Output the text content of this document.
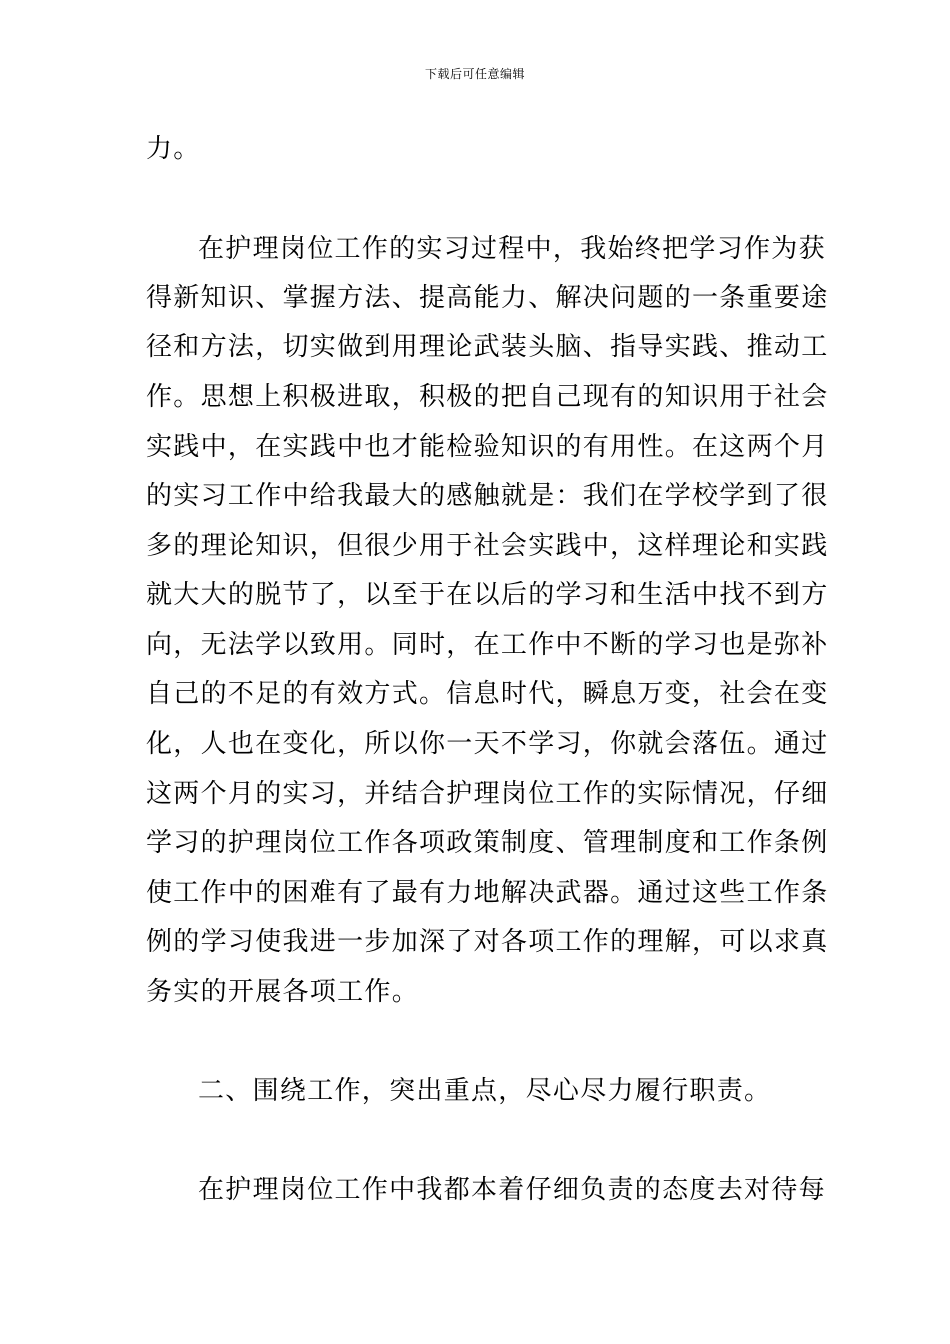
下载后可任意编辑
力。
在护理岗位工作的实习过程中，我始终把学习作为获
得新知识、掌握方法、提高能力、解决问题的一条重要途
径和方法，切实做到用理论武装头脑、指导实践、推动工
作。思想上积极进取，积极的把自己现有的知识用于社会
实践中，在实践中也才能检验知识的有用性。在这两个月
的实习工作中给我最大的感触就是：我们在学校学到了很
多的理论知识，但很少用于社会实践中，这样理论和实践
就大大的脱节了，以至于在以后的学习和生活中找不到方
向，无法学以致用。同时，在工作中不断的学习也是弥补
自己的不足的有效方式。信息时代，瞬息万变，社会在变
化，人也在变化，所以你一天不学习，你就会落伍。通过
这两个月的实习，并结合护理岗位工作的实际情况，仔细
学习的护理岗位工作各项政策制度、管理制度和工作条例
使工作中的困难有了最有力地解决武器。通过这些工作条
例的学习使我进一步加深了对各项工作的理解，可以求真
务实的开展各项工作。
二、围绕工作，突出重点，尽心尽力履行职责。
在护理岗位工作中我都本着仔细负责的态度去对待每
